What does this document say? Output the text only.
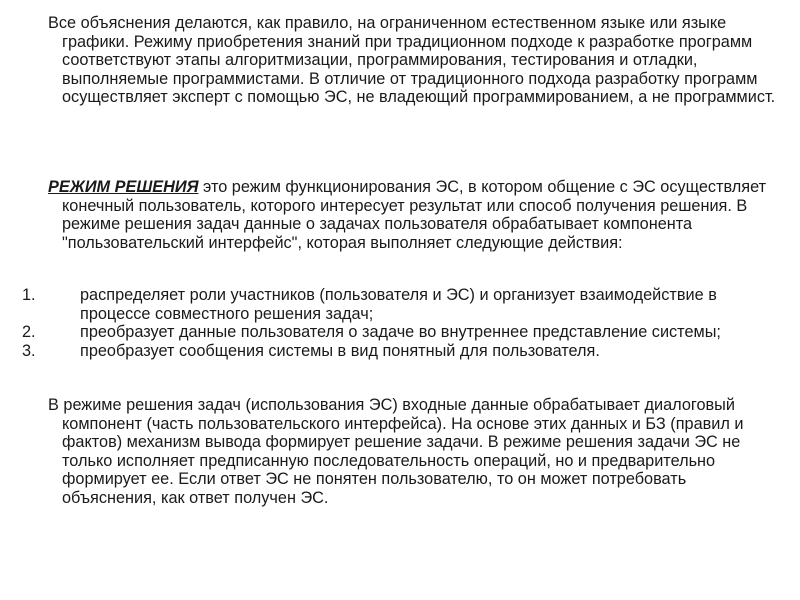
Все объяснения делаются, как правило, на ограниченном естественном языке или языке графики. Режиму приобретения знаний при традиционном подходе к разработке программ соответствуют этапы алгоритмизации, программирования, тестирования и отладки, выполняемые программистами. В отличие от традиционного подхода разработку программ осуществляет эксперт с помощью ЭС, не владеющий программированием, а не программист.

РЕЖИМ РЕШЕНИЯ это режим функционирования ЭС, в котором общение с ЭС осуществляет конечный пользователь, которого интересует результат или способ получения решения. В режиме решения задач данные о задачах пользователя обрабатывает компонента "пользовательский интерфейс", которая выполняет следующие действия:

1.	распределяет роли участников (пользователя и ЭС) и организует взаимодействие в процессе совместного решения задач;
2.	преобразует данные пользователя о задаче во внутреннее представление системы;
3.	преобразует сообщения системы в вид понятный для пользователя.

В режиме решения задач (использования ЭС) входные данные обрабатывает диалоговый компонент (часть пользовательского интерфейса). На основе этих данных и БЗ (правил и фактов) механизм вывода формирует решение задачи. В режиме решения задачи ЭС не только исполняет предписанную последовательность операций, но и предварительно формирует ее. Если ответ ЭС не понятен пользователю, то он может потребовать объяснения, как ответ получен ЭС.
